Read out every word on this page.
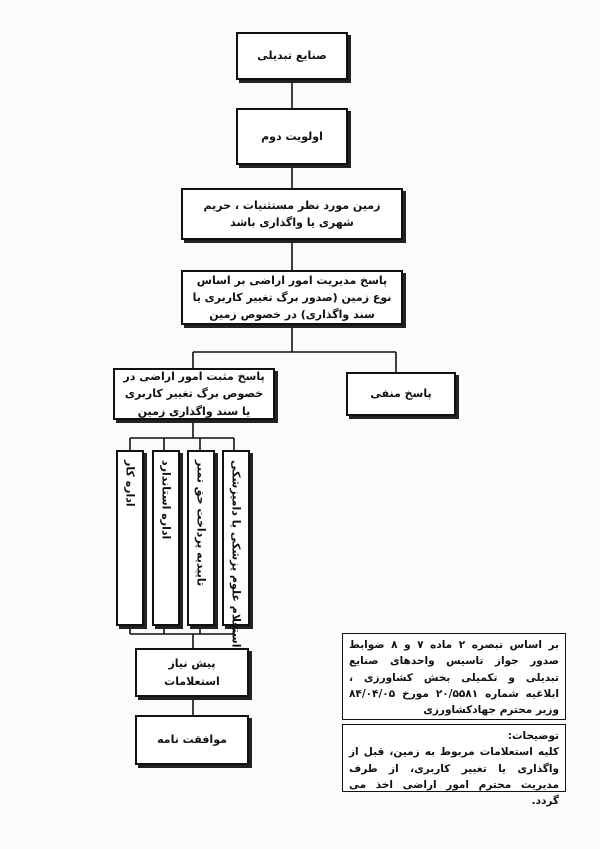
صنایع تبدیلی
اولویت دوم
زمین مورد نظر مستثنیات ، حریم شهری یا واگذاری باشد
پاسخ مدیریت امور اراضی بر اساس نوع زمین (صدور برگ تغییر کاربری یا سند واگذاری) در خصوص زمین
پاسخ مثبت امور اراضی در خصوص برگ تغییر کاربری یا سند واگذاری زمین
پاسخ منفی
استعلام علوم پزشکی یا دامپزشکی
تاییدیه پرداخت حق تمبر
اداره استاندارد
اداره کار
پیش نیاز استعلامات
موافقت نامه
بر اساس تبصره ۲ ماده ۷ و ۸ ضوابط صدور جواز تاسیس واحدهای صنایع تبدیلی و تکمیلی بخش کشاورزی ، ابلاغیه شماره ۲۰/۵۵۸۱ مورخ ۸۴/۰۴/۰۵ وزیر محترم جهادکشاورزی
توضیحات:
کلیه استعلامات مربوط به زمین، قبل از واگذاری یا تغییر کاربری، از طرف مدیریت محترم امور اراضی اخذ می گردد.
